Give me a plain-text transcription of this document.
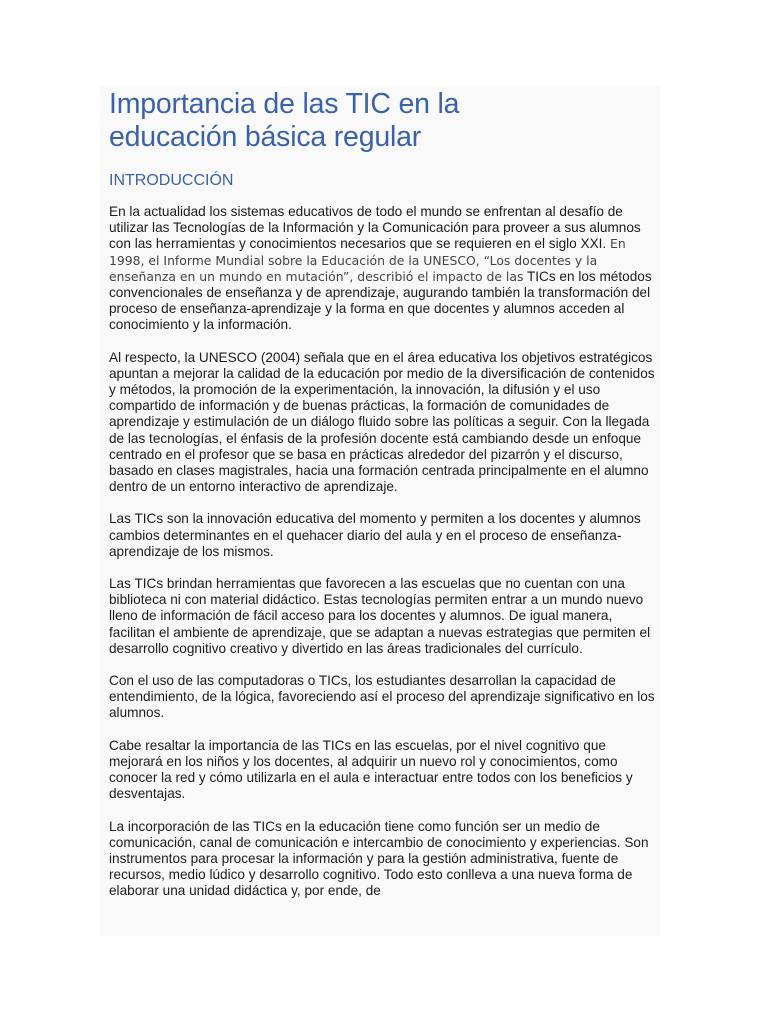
Importancia de las TIC en la
educación básica regular
INTRODUCCIÓN

En la actualidad los sistemas educativos de todo el mundo se enfrentan al desafío de utilizar las Tecnologías de la Información y la Comunicación para proveer a sus alumnos con las herramientas y conocimientos necesarios que se requieren en el siglo XXI. En 1998, el Informe Mundial sobre la Educación de la UNESCO, “Los docentes y la enseñanza en un mundo en mutación”, describió el impacto de las TICs en los métodos convencionales de enseñanza y de aprendizaje, augurando también la transformación del proceso de enseñanza-aprendizaje y la forma en que docentes y alumnos acceden al conocimiento y la información.

Al respecto, la UNESCO (2004) señala que en el área educativa los objetivos estratégicos apuntan a mejorar la calidad de la educación por medio de la diversificación de contenidos y métodos, la promoción de la experimentación, la innovación, la difusión y el uso compartido de información y de buenas prácticas, la formación de comunidades de aprendizaje y estimulación de un diálogo fluido sobre las políticas a seguir. Con la llegada de las tecnologías, el énfasis de la profesión docente está cambiando desde un enfoque centrado en el profesor que se basa en prácticas alrededor del pizarrón y el discurso, basado en clases magistrales, hacia una formación centrada principalmente en el alumno dentro de un entorno interactivo de aprendizaje.

Las TICs son la innovación educativa del momento y permiten a los docentes y alumnos cambios determinantes en el quehacer diario del aula y en el proceso de enseñanza-aprendizaje de los mismos.

Las TICs brindan herramientas que favorecen a las escuelas que no cuentan con una biblioteca ni con material didáctico. Estas tecnologías permiten entrar a un mundo nuevo lleno de información de fácil acceso para los docentes y alumnos. De igual manera, facilitan el ambiente de aprendizaje, que se adaptan a nuevas estrategias que permiten el desarrollo cognitivo creativo y divertido en las áreas tradicionales del currículo.

Con el uso de las computadoras o TICs, los estudiantes desarrollan la capacidad de entendimiento, de la lógica, favoreciendo así el proceso del aprendizaje significativo en los alumnos.

Cabe resaltar la importancia de las TICs en las escuelas, por el nivel cognitivo que mejorará en los niños y los docentes, al adquirir un nuevo rol y conocimientos, como conocer la red y cómo utilizarla en el aula e interactuar entre todos con los beneficios y desventajas.

La incorporación de las TICs en la educación tiene como función ser un medio de comunicación, canal de comunicación e intercambio de conocimiento y experiencias. Son instrumentos para procesar la información y para la gestión administrativa, fuente de recursos, medio lúdico y desarrollo cognitivo. Todo esto conlleva a una nueva forma de elaborar una unidad didáctica y, por ende, de
